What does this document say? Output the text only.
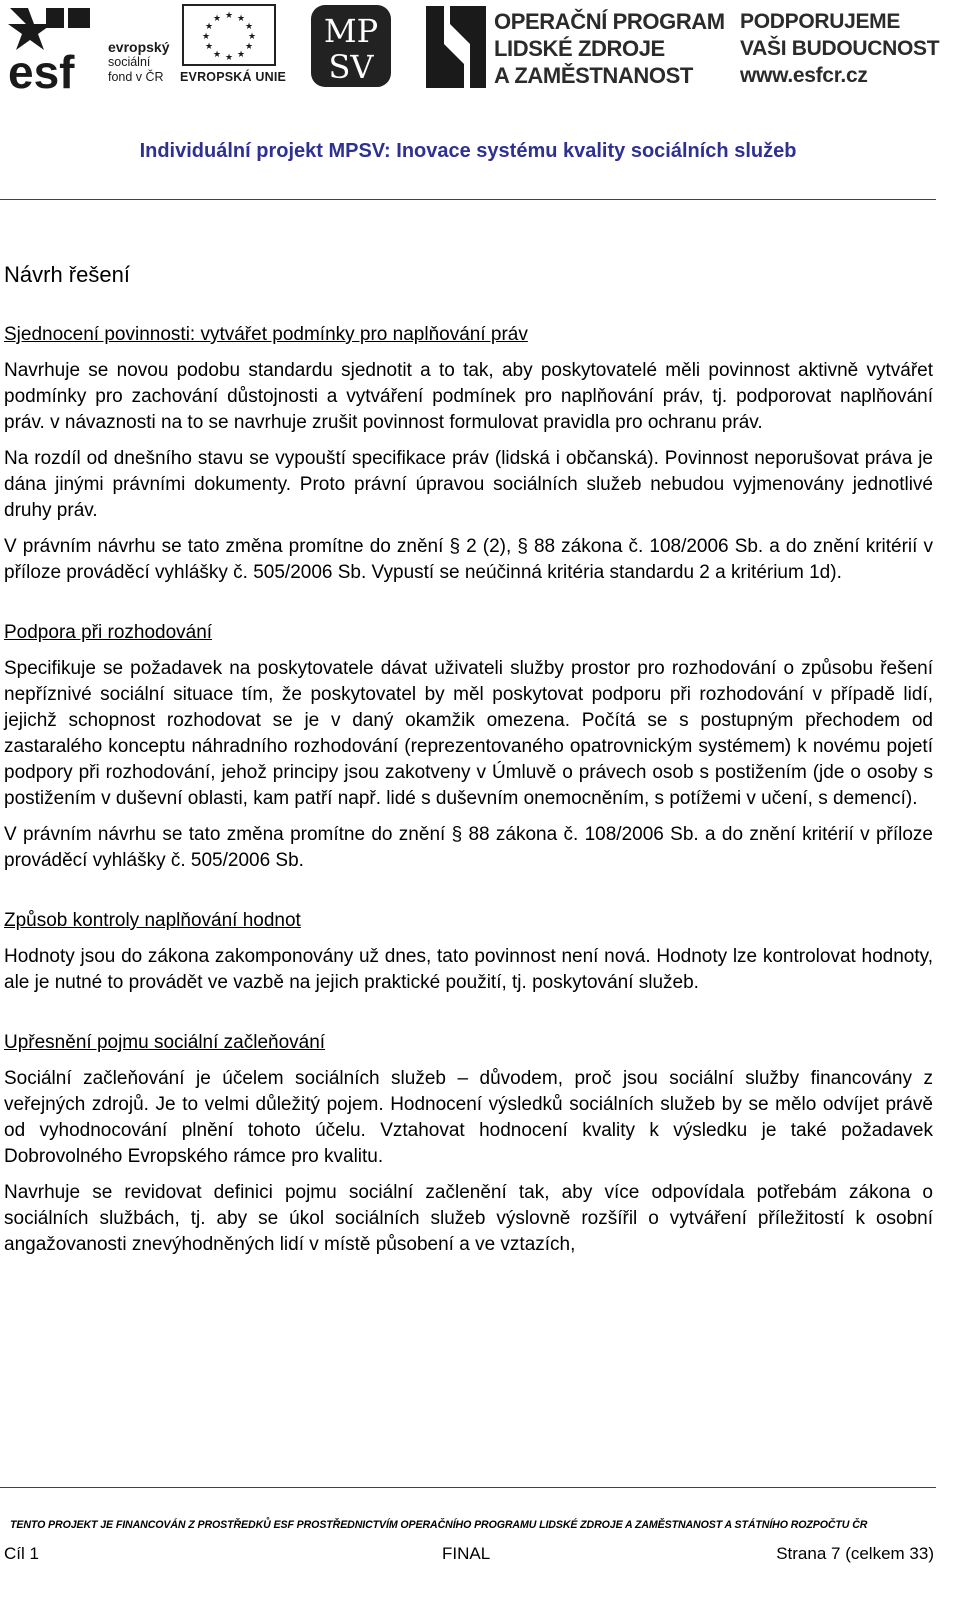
esf evropský
sociální
fond v ČR
★ ★
★
★
★
★
★
★
★
★
★
★
EVROPSKÁ UNIE
MP
SV
OPERAČNÍ PROGRAM
LIDSKÉ ZDROJE
A ZAMĚSTNANOST
PODPORUJEME
VAŠI BUDOUCNOST
www.esfcr.cz
Individuální projekt MPSV: Inovace systému kvality sociálních služeb
Návrh řešení
Sjednocení povinnosti: vytvářet podmínky pro naplňování práv

Navrhuje se novou podobu standardu sjednotit a to tak, aby poskytovatelé měli povinnost aktivně vytvářet podmínky pro zachování důstojnosti a vytváření podmínek pro naplňování práv, tj. podporovat naplňování práv. v návaznosti na to se navrhuje zrušit povinnost formulovat pravidla pro ochranu práv.

Na rozdíl od dnešního stavu se vypouští specifikace práv (lidská i občanská). Povinnost neporušovat práva je dána jinými právními dokumenty. Proto právní úpravou sociálních služeb nebudou vyjmenovány jednotlivé druhy práv.

V právním návrhu se tato změna promítne do znění § 2 (2), § 88 zákona č. 108/2006 Sb. a do znění kritérií v příloze prováděcí vyhlášky č. 505/2006 Sb. Vypustí se neúčinná kritéria standardu 2 a kritérium 1d).

Podpora při rozhodování

Specifikuje se požadavek na poskytovatele dávat uživateli služby prostor pro rozhodování o způsobu řešení nepříznivé sociální situace tím, že poskytovatel by měl poskytovat podporu při rozhodování v případě lidí, jejichž schopnost rozhodovat se je v daný okamžik omezena. Počítá se s postupným přechodem od zastaralého konceptu náhradního rozhodování (reprezentovaného opatrovnickým systémem) k novému pojetí podpory při rozhodování, jehož principy jsou zakotveny v Úmluvě o právech osob s postižením (jde o osoby s postižením v duševní oblasti, kam patří např. lidé s duševním onemocněním, s potížemi v učení, s demencí).

V právním návrhu se tato změna promítne do znění § 88 zákona č. 108/2006 Sb. a do znění kritérií v příloze prováděcí vyhlášky č. 505/2006 Sb.

Způsob kontroly naplňování hodnot

Hodnoty jsou do zákona zakomponovány už dnes, tato povinnost není nová. Hodnoty lze kontrolovat hodnoty, ale je nutné to provádět ve vazbě na jejich praktické použití, tj. poskytování služeb.

Upřesnění pojmu sociální začleňování

Sociální začleňování je účelem sociálních služeb – důvodem, proč jsou sociální služby financovány z veřejných zdrojů. Je to velmi důležitý pojem. Hodnocení výsledků sociálních služeb by se mělo odvíjet právě od vyhodnocování plnění tohoto účelu. Vztahovat hodnocení kvality k výsledku je také požadavek Dobrovolného Evropského rámce pro kvalitu.

Navrhuje se revidovat definici pojmu sociální začlenění tak, aby více odpovídala potřebám zákona o sociálních službách, tj. aby se úkol sociálních služeb výslovně rozšířil o vytváření příležitostí k osobní angažovanosti znevýhodněných lidí v místě působení a ve vztazích,

TENTO PROJEKT JE FINANCOVÁN Z PROSTŘEDKŮ ESF PROSTŘEDNICTVÍM OPERAČNÍHO PROGRAMU LIDSKÉ ZDROJE A ZAMĚSTNANOST A STÁTNÍHO ROZPOČTU ČR
Cíl 1	FINAL	Strana 7 (celkem 33)
